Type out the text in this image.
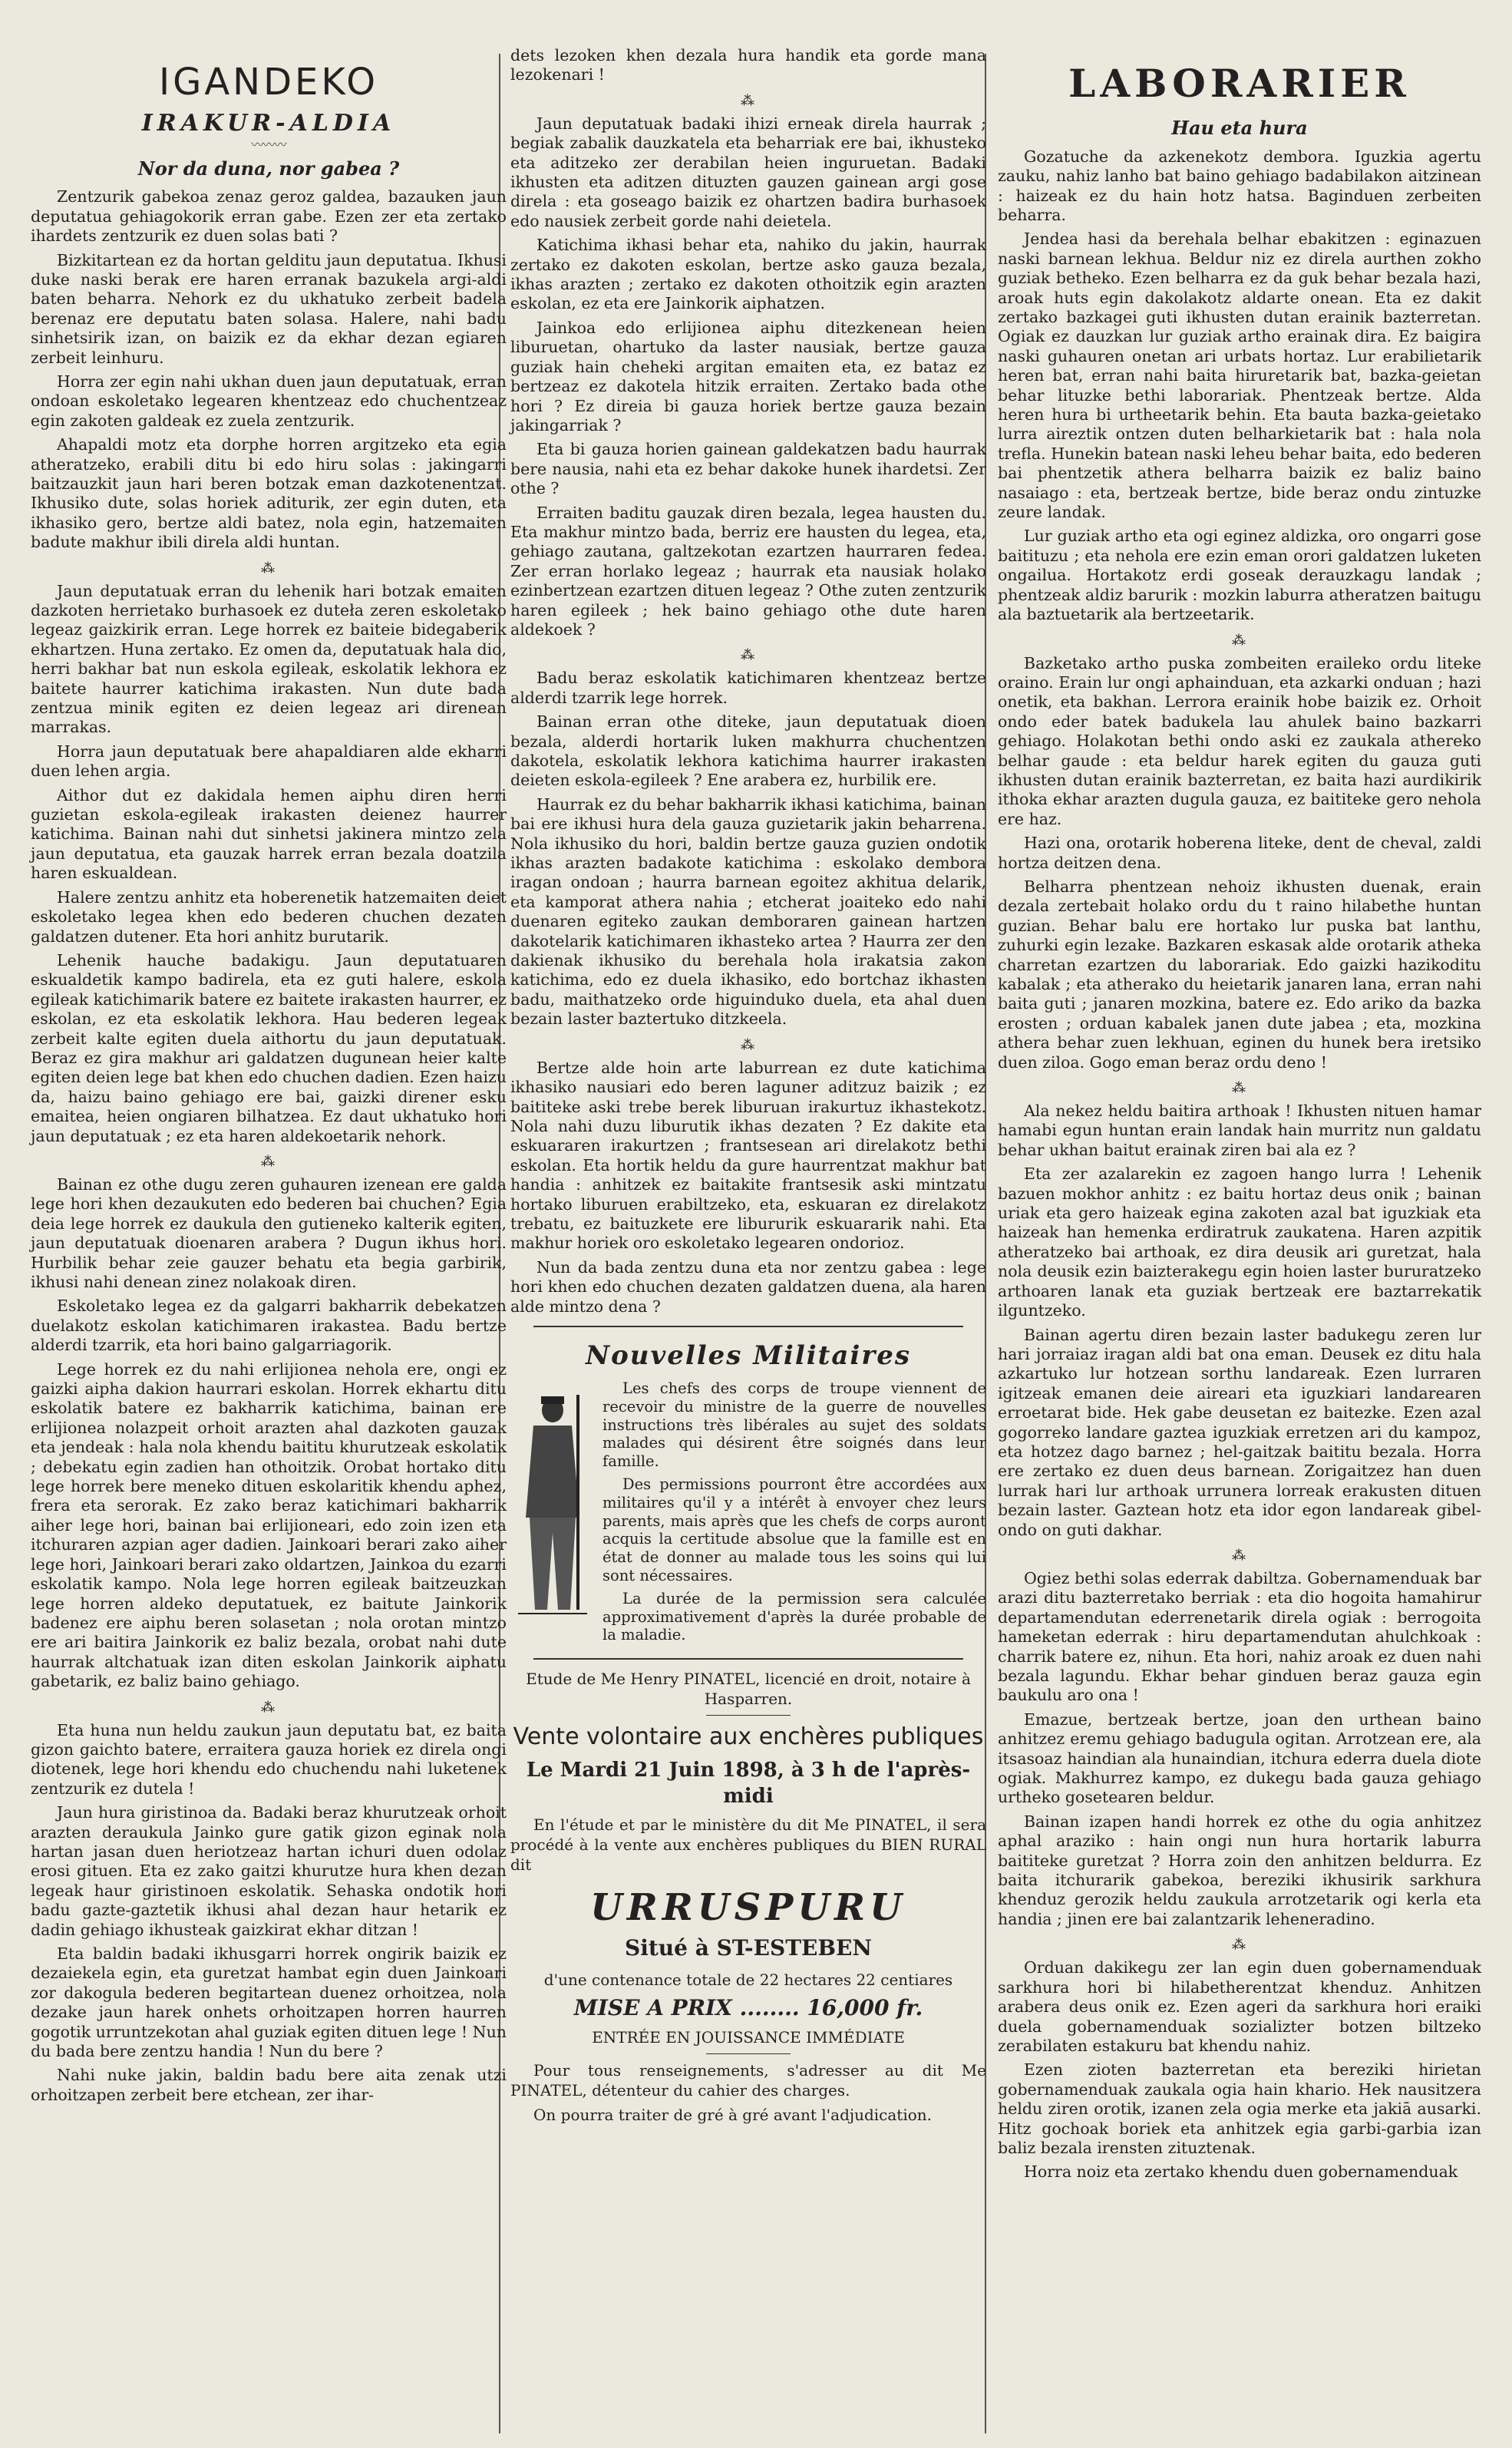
IGANDEKO
IRAKUR-ALDIA
〰〰〰
Nor da duna, nor gabea ?

Zentzurik gabekoa zenaz geroz galdea, bazauken jaun deputatua gehiagokorik erran gabe. Ezen zer eta zertako ihardets zentzurik ez duen solas bati ?

Bizkitartean ez da hortan gelditu jaun deputatua. Ikhusi duke naski berak ere haren erranak bazukela argi-aldi baten beharra. Nehork ez du ukhatuko zerbeit badela berenaz ere deputatu baten solasa. Halere, nahi badu sinhetsirik izan, on baizik ez da ekhar dezan egiaren zerbeit leinhuru.

Horra zer egin nahi ukhan duen jaun deputatuak, erran ondoan eskoletako legearen khentzeaz edo chuchentzeaz egin zakoten galdeak ez zuela zentzurik.

Ahapaldi motz eta dorphe horren argitzeko eta egia atheratzeko, erabili ditu bi edo hiru solas : jakingarri baitzauzkit jaun hari beren botzak eman dazkotenentzat. Ikhusiko dute, solas horiek aditurik, zer egin duten, eta ikhasiko gero, bertze aldi batez, nola egin, hatzemaiten badute makhur ibili direla aldi huntan.

⁂

Jaun deputatuak erran du lehenik hari botzak emaiten dazkoten herrietako burhasoek ez duteła zeren eskoletako legeaz gaizkirik erran. Lege horrek ez baiteie bidegaberik ekhartzen. Huna zertako. Ez omen da, deputatuak hala dio, herri bakhar bat nun eskola egileak, eskolatik lekhora ez baitete haurrer katichima irakasten. Nun dute bada zentzua minik egiten ez deien legeaz ari direnean marrakas.

Horra jaun deputatuak bere ahapaldiaren alde ekharri duen lehen argia.

Aithor dut ez dakidala hemen aiphu diren herri guzietan eskola-egileak irakasten deienez haurrer katichima. Bainan nahi dut sinhetsi jakinera mintzo zela jaun deputatua, eta gauzak harrek erran bezala doatzila haren eskualdean.

Halere zentzu anhitz eta hoberenetik hatzemaiten deiet eskoletako legea khen edo bederen chuchen dezaten galdatzen dutener. Eta hori anhitz burutarik.

Lehenik hauche badakigu. Jaun deputatuaren eskualdetik kampo badirela, eta ez guti halere, eskola egileak katichimarik batere ez baitete irakasten haurrer, ez eskolan, ez eta eskolatik lekhora. Hau bederen legeak zerbeit kalte egiten duela aithortu du jaun deputatuak. Beraz ez gira makhur ari galdatzen dugunean heier kalte egiten deien lege bat khen edo chuchen dadien. Ezen haizu da, haizu baino gehiago ere bai, gaizki direner esku emaitea, heien ongiaren bilhatzea. Ez daut ukhatuko hori jaun deputatuak ; ez eta haren aldekoetarik nehork.

⁂

Bainan ez othe dugu zeren guhauren izenean ere galda lege hori khen dezaukuten edo bederen bai chuchen? Egia deia lege horrek ez daukula den gutieneko kalterik egiten, jaun deputatuak dioenaren arabera ? Dugun ikhus hori. Hurbilik behar zeie gauzer behatu eta begia garbirik, ikhusi nahi denean zinez nolakoak diren.

Eskoletako legea ez da galgarri bakharrik debekatzen duelakotz eskolan katichimaren irakastea. Badu bertze alderdi tzarrik, eta hori baino galgarriagorik.

Lege horrek ez du nahi erlijionea nehola ere, ongi ez gaizki aipha dakion haurrari eskolan. Horrek ekhartu ditu eskolatik batere ez bakharrik katichima, bainan ere erlijionea nolazpeit orhoit arazten ahal dazkoten gauzak eta jendeak : hala nola khendu baititu khurutzeak eskolatik ; debekatu egin zadien han othoitzik. Orobat hortako ditu lege horrek bere meneko dituen eskolaritik khendu aphez, frera eta serorak. Ez zako beraz katichimari bakharrik aiher lege hori, bainan bai erlijioneari, edo zoin izen eta itchuraren azpian ager dadien. Jainkoari berari zako aiher lege hori, Jainkoari berari zako oldartzen, Jainkoa du ezarri eskolatik kampo. Nola lege horren egileak baitzeuzkan lege horren aldeko deputatuek, ez baitute Jainkorik badenez ere aiphu beren solasetan ; nola orotan mintzo ere ari baitira Jainkorik ez baliz bezala, orobat nahi dute haurrak altchatuak izan diten eskolan Jainkorik aiphatu gabetarik, ez baliz baino gehiago.

⁂

Eta huna nun heldu zaukun jaun deputatu bat, ez baita gizon gaichto batere, erraitera gauza horiek ez direla ongi diotenek, lege hori khendu edo chuchendu nahi luketenek zentzurik ez dutela !

Jaun hura giristinoa da. Badaki beraz khurutzeak orhoit arazten deraukula Jainko gure gatik gizon eginak nola hartan jasan duen heriotzeaz hartan ichuri duen odolaz erosi gituen. Eta ez zako gaitzi khurutze hura khen dezan legeak haur giristinoen eskolatik. Sehaska ondotik hori badu gazte-gaztetik ikhusi ahal dezan haur hetarik ez dadin gehiago ikhusteak gaizkirat ekhar ditzan !

Eta baldin badaki ikhusgarri horrek ongirik baizik ez dezaiekela egin, eta guretzat hambat egin duen Jainkoari zor dakogula bederen begitartean duenez orhoitzea, nola dezake jaun harek onhets orhoitzapen horren haurren gogotik urruntzekotan ahal guziak egiten dituen lege ! Nun du bada bere zentzu handia ! Nun du bere ?

Nahi nuke jakin, baldin badu bere aita zenak utzi orhoitzapen zerbeit bere etchean, zer ihar-

dets lezoken khen dezala hura handik eta gorde mana lezokenari !

⁂

Jaun deputatuak badaki ihizi erneak direla haurrak ; begiak zabalik dauzkatela eta beharriak ere bai, ikhusteko eta aditzeko zer derabilan heien inguruetan. Badaki ikhusten eta aditzen dituzten gauzen gainean argi gose direla : eta goseago baizik ez ohartzen badira burhasoek edo nausiek zerbeit gorde nahi deietela.

Katichima ikhasi behar eta, nahiko du jakin, haurrak zertako ez dakoten eskolan, bertze asko gauza bezala, ikhas arazten ; zertako ez dakoten othoitzik egin arazten eskolan, ez eta ere Jainkorik aiphatzen.

Jainkoa edo erlijionea aiphu ditezkenean heien liburuetan, ohartuko da laster nausiak, bertze gauza guziak hain cheheki argitan emaiten eta, ez bataz ez bertzeaz ez dakotela hitzik erraiten. Zertako bada othe hori ? Ez direia bi gauza horiek bertze gauza bezain jakingarriak ?

Eta bi gauza horien gainean galdekatzen badu haurrak bere nausia, nahi eta ez behar dakoke hunek ihardetsi. Zer othe ?

Erraiten baditu gauzak diren bezala, legea hausten du. Eta makhur mintzo bada, berriz ere hausten du legea, eta, gehiago zautana, galtzekotan ezartzen haurraren fedea. Zer erran horlako legeaz ; haurrak eta nausiak holako ezinbertzean ezartzen dituen legeaz ? Othe zuten zentzurik haren egileek ; hek baino gehiago othe dute haren aldekoek ?

⁂

Badu beraz eskolatik katichimaren khentzeaz bertze alderdi tzarrik lege horrek.

Bainan erran othe diteke, jaun deputatuak dioen bezala, alderdi hortarik luken makhurra chuchentzen dakotela, eskolatik lekhora katichima haurrer irakasten deieten eskola-egileek ? Ene arabera ez, hurbilik ere.

Haurrak ez du behar bakharrik ikhasi katichima, bainan bai ere ikhusi hura dela gauza guzietarik jakin beharrena. Nola ikhusiko du hori, baldin bertze gauza guzien ondotik ikhas arazten badakote katichima : eskolako dembora iragan ondoan ; haurra barnean egoitez akhitua delarik, eta kamporat athera nahia ; etcherat joaiteko edo nahi duenaren egiteko zaukan demboraren gainean hartzen dakotelarik katichimaren ikhasteko artea ? Haurra zer den dakienak ikhusiko du berehala hola irakatsia zakon katichima, edo ez duela ikhasiko, edo bortchaz ikhasten badu, maithatzeko orde higuinduko duela, eta ahal duen bezain laster baztertuko ditzkeela.

⁂

Bertze alde hoin arte laburrean ez dute katichima ikhasiko nausiari edo beren laguner aditzuz baizik ; ez baititeke aski trebe berek liburuan irakurtuz ikhastekotz. Nola nahi duzu liburutik ikhas dezaten ? Ez dakite eta eskuararen irakurtzen ; frantsesean ari direlakotz bethi eskolan. Eta hortik heldu da gure haurrentzat makhur bat handia : anhitzek ez baitakite frantsesik aski mintzatu hortako liburuen erabiltzeko, eta, eskuaran ez direlakotz trebatu, ez baituzkete ere libururik eskuararik nahi. Eta makhur horiek oro eskoletako legearen ondorioz.

Nun da bada zentzu duna eta nor zentzu gabea : lege hori khen edo chuchen dezaten galdatzen duena, ala haren alde mintzo dena ?

Nouvelles Militaires

Les chefs des corps de troupe viennent de recevoir du ministre de la guerre de nouvelles instructions très libérales au sujet des soldats malades qui désirent être soignés dans leur famille.

Des permissions pourront être accordées aux militaires qu'il y a intérêt à envoyer chez leurs parents, mais après que les chefs de corps auront acquis la certitude absolue que la famille est en état de donner au malade tous les soins qui lui sont nécessaires.

La durée de la permission sera calculée approximativement d'après la durée probable de la maladie.

Etude de Me Henry PINATEL, licencié en droit, notaire à Hasparren.

Vente volontaire aux enchères publiques

Le Mardi 21 Juin 1898, à 3 h de l'après-midi

En l'étude et par le ministère du dit Me PINATEL, il sera procédé à la vente aux enchères publiques du BIEN RURAL dit

URRUSPURU

Situé à ST-ESTEBEN

d'une contenance totale de 22 hectares 22 centiares

MISE A PRIX ........ 16,000 fr.

ENTRÉE EN JOUISSANCE IMMÉDIATE

Pour tous renseignements, s'adresser au dit Me PINATEL, détenteur du cahier des charges.

On pourra traiter de gré à gré avant l'adjudication.

LABORARIER
Hau eta hura

Gozatuche da azkenekotz dembora. Iguzkia agertu zauku, nahiz lanho bat baino gehiago badabilakon aitzinean : haizeak ez du hain hotz hatsa. Baginduen zerbeiten beharra.

Jendea hasi da berehala belhar ebakitzen : eginazuen naski barnean lekhua. Beldur niz ez direla aurthen zokho guziak betheko. Ezen belharra ez da guk behar bezala hazi, aroak huts egin dakolakotz aldarte onean. Eta ez dakit zertako bazkagei guti ikhusten dutan erainik bazterretan. Ogiak ez dauzkan lur guziak artho erainak dira. Ez baigira naski guhauren onetan ari urbats hortaz. Lur erabilietarik heren bat, erran nahi baita hiruretarik bat, bazka-geietan behar lituzke bethi laborariak. Phentzeak bertze. Alda heren hura bi urtheetarik behin. Eta bauta bazka-geietako lurra aireztik ontzen duten belharkietarik bat : hala nola trefla. Hunekin batean naski leheu behar baita, edo bederen bai phentzetik athera belharra baizik ez baliz baino nasaiago : eta, bertzeak bertze, bide beraz ondu zintuzke zeure landak.

Lur guziak artho eta ogi eginez aldizka, oro ongarri gose baitituzu ; eta nehola ere ezin eman orori galdatzen luketen ongailua. Hortakotz erdi goseak derauzkagu landak ; phentzeak aldiz barurik : mozkin laburra atheratzen baitugu ala baztuetarik ala bertzeetarik.

⁂

Bazketako artho puska zombeiten eraileko ordu liteke oraino. Erain lur ongi aphainduan, eta azkarki onduan ; hazi onetik, eta bakhan. Lerrora erainik hobe baizik ez. Orhoit ondo eder batek badukela lau ahulek baino bazkarri gehiago. Holakotan bethi ondo aski ez zaukala athereko belhar gaude : eta beldur harek egiten du gauza guti ikhusten dutan erainik bazterretan, ez baita hazi aurdikirik ithoka ekhar arazten dugula gauza, ez baititeke gero nehola ere haz.

Hazi ona, orotarik hoberena liteke, dent de cheval, zaldi hortza deitzen dena.

Belharra phentzean nehoiz ikhusten duenak, erain dezala zertebait holako ordu du t raino hilabethe huntan guzian. Behar balu ere hortako lur puska bat lanthu, zuhurki egin lezake. Bazkaren eskasak alde orotarik atheka charretan ezartzen du laborariak. Edo gaizki hazikoditu kabalak ; eta atherako du heietarik janaren lana, erran nahi baita guti ; janaren mozkina, batere ez. Edo ariko da bazka erosten ; orduan kabalek janen dute jabea ; eta, mozkina athera behar zuen lekhuan, eginen du hunek bera iretsiko duen ziloa. Gogo eman beraz ordu deno !

⁂

Ala nekez heldu baitira arthoak ! Ikhusten nituen hamar hamabi egun huntan erain landak hain murritz nun galdatu behar ukhan baitut erainak ziren bai ala ez ?

Eta zer azalarekin ez zagoen hango lurra ! Lehenik bazuen mokhor anhitz : ez baitu hortaz deus onik ; bainan uriak eta gero haizeak egina zakoten azal bat iguzkiak eta haizeak han hemenka erdiratruk zaukatena. Haren azpitik atheratzeko bai arthoak, ez dira deusik ari guretzat, hala nola deusik ezin baizterakegu egin hoien laster bururatzeko arthoaren lanak eta guziak bertzeak ere baztarrekatik ilguntzeko.

Bainan agertu diren bezain laster badukegu zeren lur hari jorraiaz iragan aldi bat ona eman. Deusek ez ditu hala azkartuko lur hotzean sorthu landareak. Ezen lurraren igitzeak emanen deie aireari eta iguzkiari landarearen erroetarat bide. Hek gabe deusetan ez baitezke. Ezen azal gogorreko landare gaztea iguzkiak erretzen ari du kampoz, eta hotzez dago barnez ; hel-gaitzak baititu bezala. Horra ere zertako ez duen deus barnean. Zorigaitzez han duen lurrak hari lur arthoak urrunera lorreak erakusten dituen bezain laster. Gaztean hotz eta idor egon landareak gibel-ondo on guti dakhar.

⁂

Ogiez bethi solas ederrak dabiltza. Gobernamenduak bar arazi ditu bazterretako berriak : eta dio hogoita hamahirur departamendutan ederrenetarik direla ogiak : berrogoita hameketan ederrak : hiru departamendutan ahulchkoak : charrik batere ez, nihun. Eta hori, nahiz aroak ez duen nahi bezala lagundu. Ekhar behar ginduen beraz gauza egin baukulu aro ona !

Emazue, bertzeak bertze, joan den urthean baino anhitzez eremu gehiago badugula ogitan. Arrotzean ere, ala itsasoaz haindian ala hunaindian, itchura ederra duela diote ogiak. Makhurrez kampo, ez dukegu bada gauza gehiago urtheko gosetearen beldur.

Bainan izapen handi horrek ez othe du ogia anhitzez aphal araziko : hain ongi nun hura hortarik laburra baititeke guretzat ? Horra zoin den anhitzen beldurra. Ez baita itchurarik gabekoa, bereziki ikhusirik sarkhura khenduz gerozik heldu zaukula arrotzetarik ogi kerla eta handia ; jinen ere bai zalantzarik leheneradino.

⁂

Orduan dakikegu zer lan egin duen gobernamenduak sarkhura hori bi hilabetherentzat khenduz. Anhitzen arabera deus onik ez. Ezen ageri da sarkhura hori eraiki duela gobernamenduak sozializter botzen biltzeko zerabilaten estakuru bat khendu nahiz.

Ezen zioten bazterretan eta bereziki hirietan gobernamenduak zaukala ogia hain khario. Hek nausitzera heldu ziren orotik, izanen zela ogia merke eta jakiā ausarki. Hitz gochoak boriek eta anhitzek egia garbi-garbia izan baliz bezala irensten zituztenak.

Horra noiz eta zertako khendu duen gobernamenduak
